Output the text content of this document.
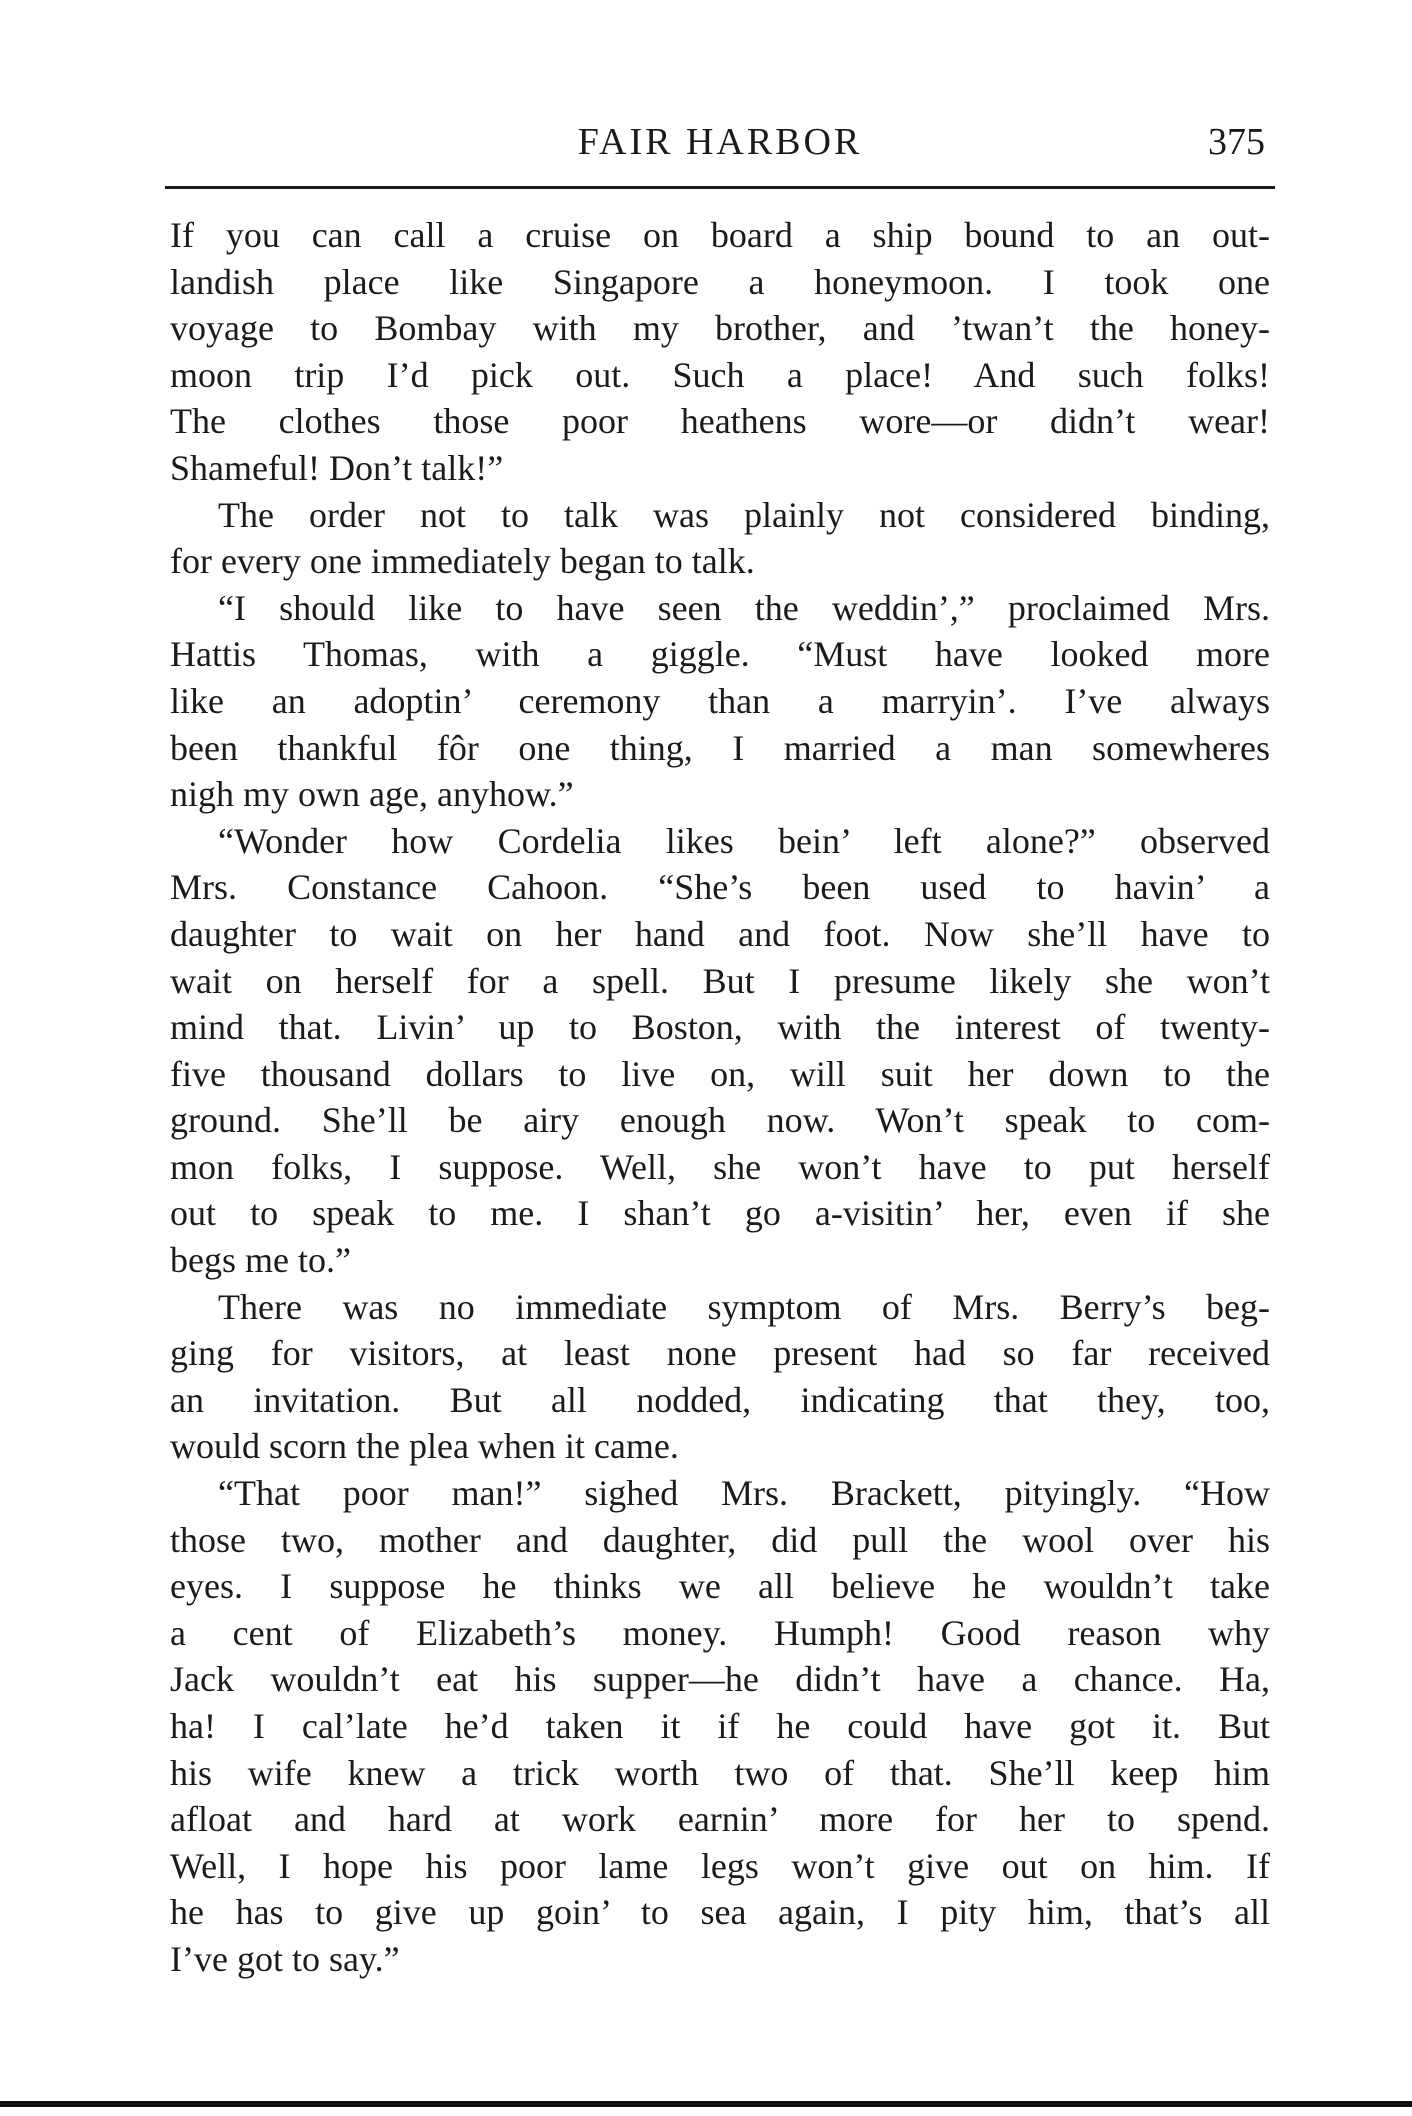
FAIR HARBOR	375
If you can call a cruise on board a ship bound to an out-
landish place like Singapore a honeymoon. I took one
voyage to Bombay with my brother, and ’twan’t the honey-
moon trip I’d pick out. Such a place! And such folks!
The clothes those poor heathens wore—or didn’t wear!
Shameful! Don’t talk!”
The order not to talk was plainly not considered binding,
for every one immediately began to talk.
“I should like to have seen the weddin’,” proclaimed Mrs.
Hattis Thomas, with a giggle. “Must have looked more
like an adoptin’ ceremony than a marryin’. I’ve always
been thankful fôr one thing, I married a man somewheres
nigh my own age, anyhow.”
“Wonder how Cordelia likes bein’ left alone?” observed
Mrs. Constance Cahoon. “She’s been used to havin’ a
daughter to wait on her hand and foot. Now she’ll have to
wait on herself for a spell. But I presume likely she won’t
mind that. Livin’ up to Boston, with the interest of twenty-
five thousand dollars to live on, will suit her down to the
ground. She’ll be airy enough now. Won’t speak to com-
mon folks, I suppose. Well, she won’t have to put herself
out to speak to me. I shan’t go a-visitin’ her, even if she
begs me to.”
There was no immediate symptom of Mrs. Berry’s beg-
ging for visitors, at least none present had so far received
an invitation. But all nodded, indicating that they, too,
would scorn the plea when it came.
“That poor man!” sighed Mrs. Brackett, pityingly. “How
those two, mother and daughter, did pull the wool over his
eyes. I suppose he thinks we all believe he wouldn’t take
a cent of Elizabeth’s money. Humph! Good reason why
Jack wouldn’t eat his supper—he didn’t have a chance. Ha,
ha! I cal’late he’d taken it if he could have got it. But
his wife knew a trick worth two of that. She’ll keep him
afloat and hard at work earnin’ more for her to spend.
Well, I hope his poor lame legs won’t give out on him. If
he has to give up goin’ to sea again, I pity him, that’s all
I’ve got to say.”
